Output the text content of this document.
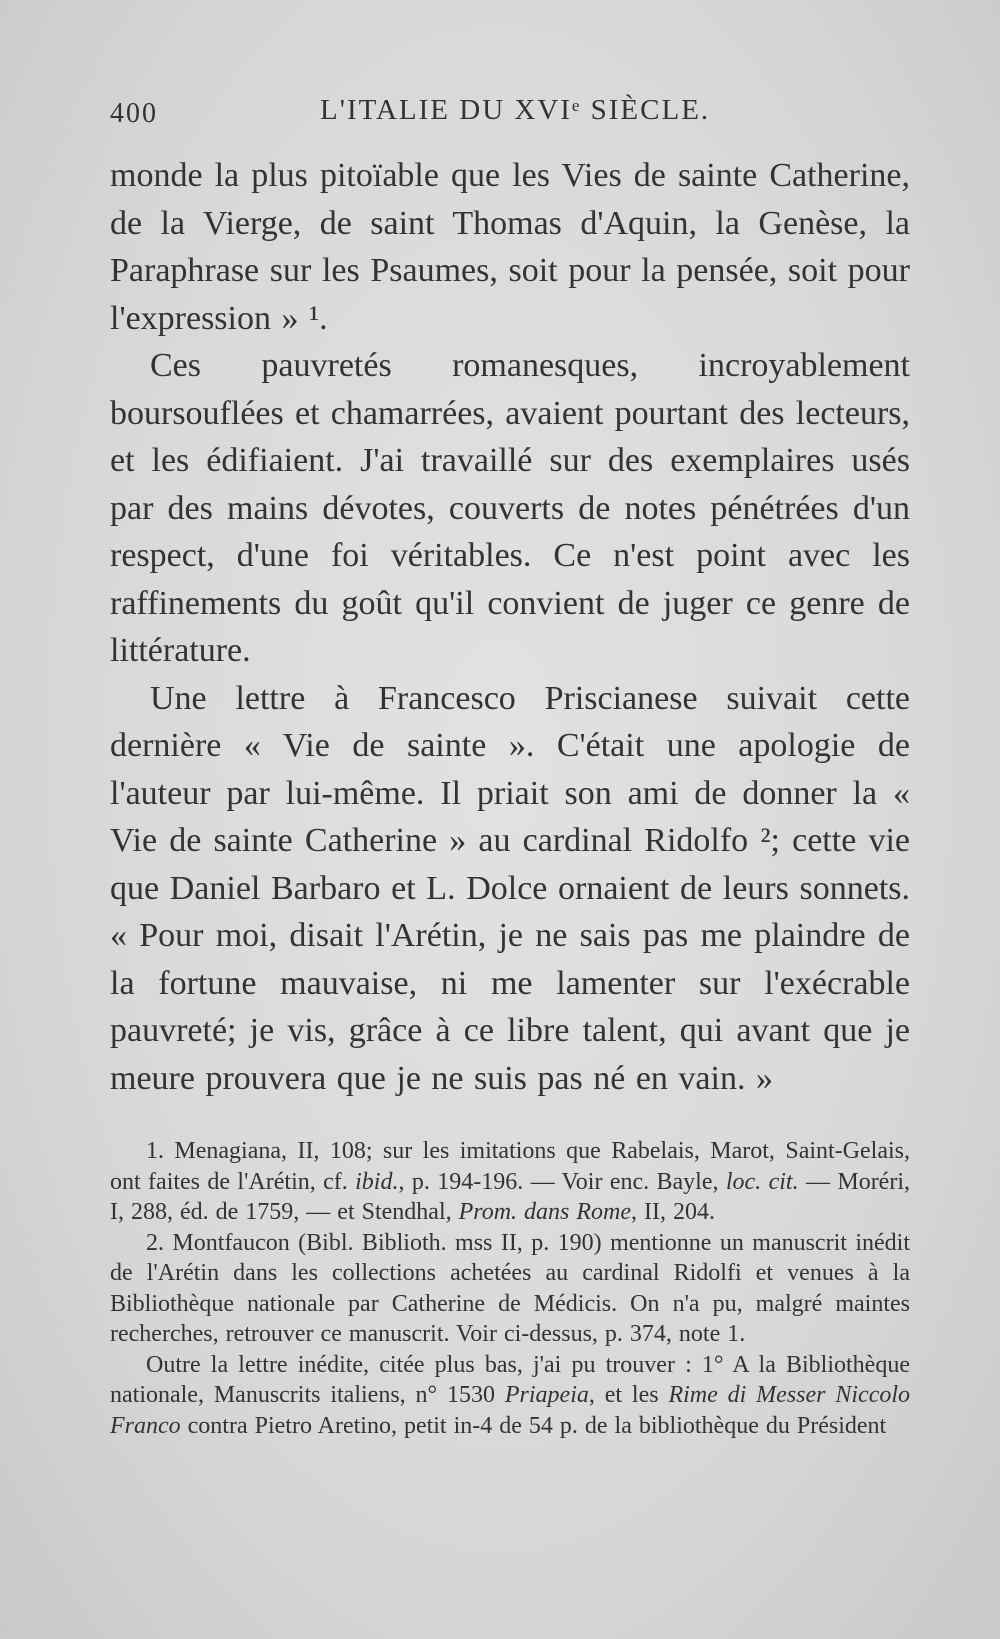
400	L'ITALIE DU XVIᵉ SIÈCLE.

monde la plus pitoïable que les Vies de sainte Catherine, de la Vierge, de saint Thomas d'Aquin, la Genèse, la Paraphrase sur les Psaumes, soit pour la pensée, soit pour l'expression » ¹.

Ces pauvretés romanesques, incroyablement boursouflées et chamarrées, avaient pourtant des lecteurs, et les édifiaient. J'ai travaillé sur des exemplaires usés par des mains dévotes, couverts de notes pénétrées d'un respect, d'une foi véritables. Ce n'est point avec les raffinements du goût qu'il convient de juger ce genre de littérature.

Une lettre à Francesco Priscianese suivait cette dernière « Vie de sainte ». C'était une apologie de l'auteur par lui-même. Il priait son ami de donner la « Vie de sainte Catherine » au cardinal Ridolfo ²; cette vie que Daniel Barbaro et L. Dolce ornaient de leurs sonnets. « Pour moi, disait l'Arétin, je ne sais pas me plaindre de la fortune mauvaise, ni me lamenter sur l'exécrable pauvreté; je vis, grâce à ce libre talent, qui avant que je meure prouvera que je ne suis pas né en vain. »

1. Menagiana, II, 108; sur les imitations que Rabelais, Marot, Saint-Gelais, ont faites de l'Arétin, cf. ibid., p. 194-196. — Voir enc. Bayle, loc. cit. — Moréri, I, 288, éd. de 1759, — et Stendhal, Prom. dans Rome, II, 204.

2. Montfaucon (Bibl. Biblioth. mss II, p. 190) mentionne un manuscrit inédit de l'Arétin dans les collections achetées au cardinal Ridolfi et venues à la Bibliothèque nationale par Catherine de Médicis. On n'a pu, malgré maintes recherches, retrouver ce manuscrit. Voir ci-dessus, p. 374, note 1.

Outre la lettre inédite, citée plus bas, j'ai pu trouver : 1° A la Bibliothèque nationale, Manuscrits italiens, n° 1530 Priapeia, et les Rime di Messer Niccolo Franco contra Pietro Aretino, petit in-4 de 54 p. de la bibliothèque du Président
